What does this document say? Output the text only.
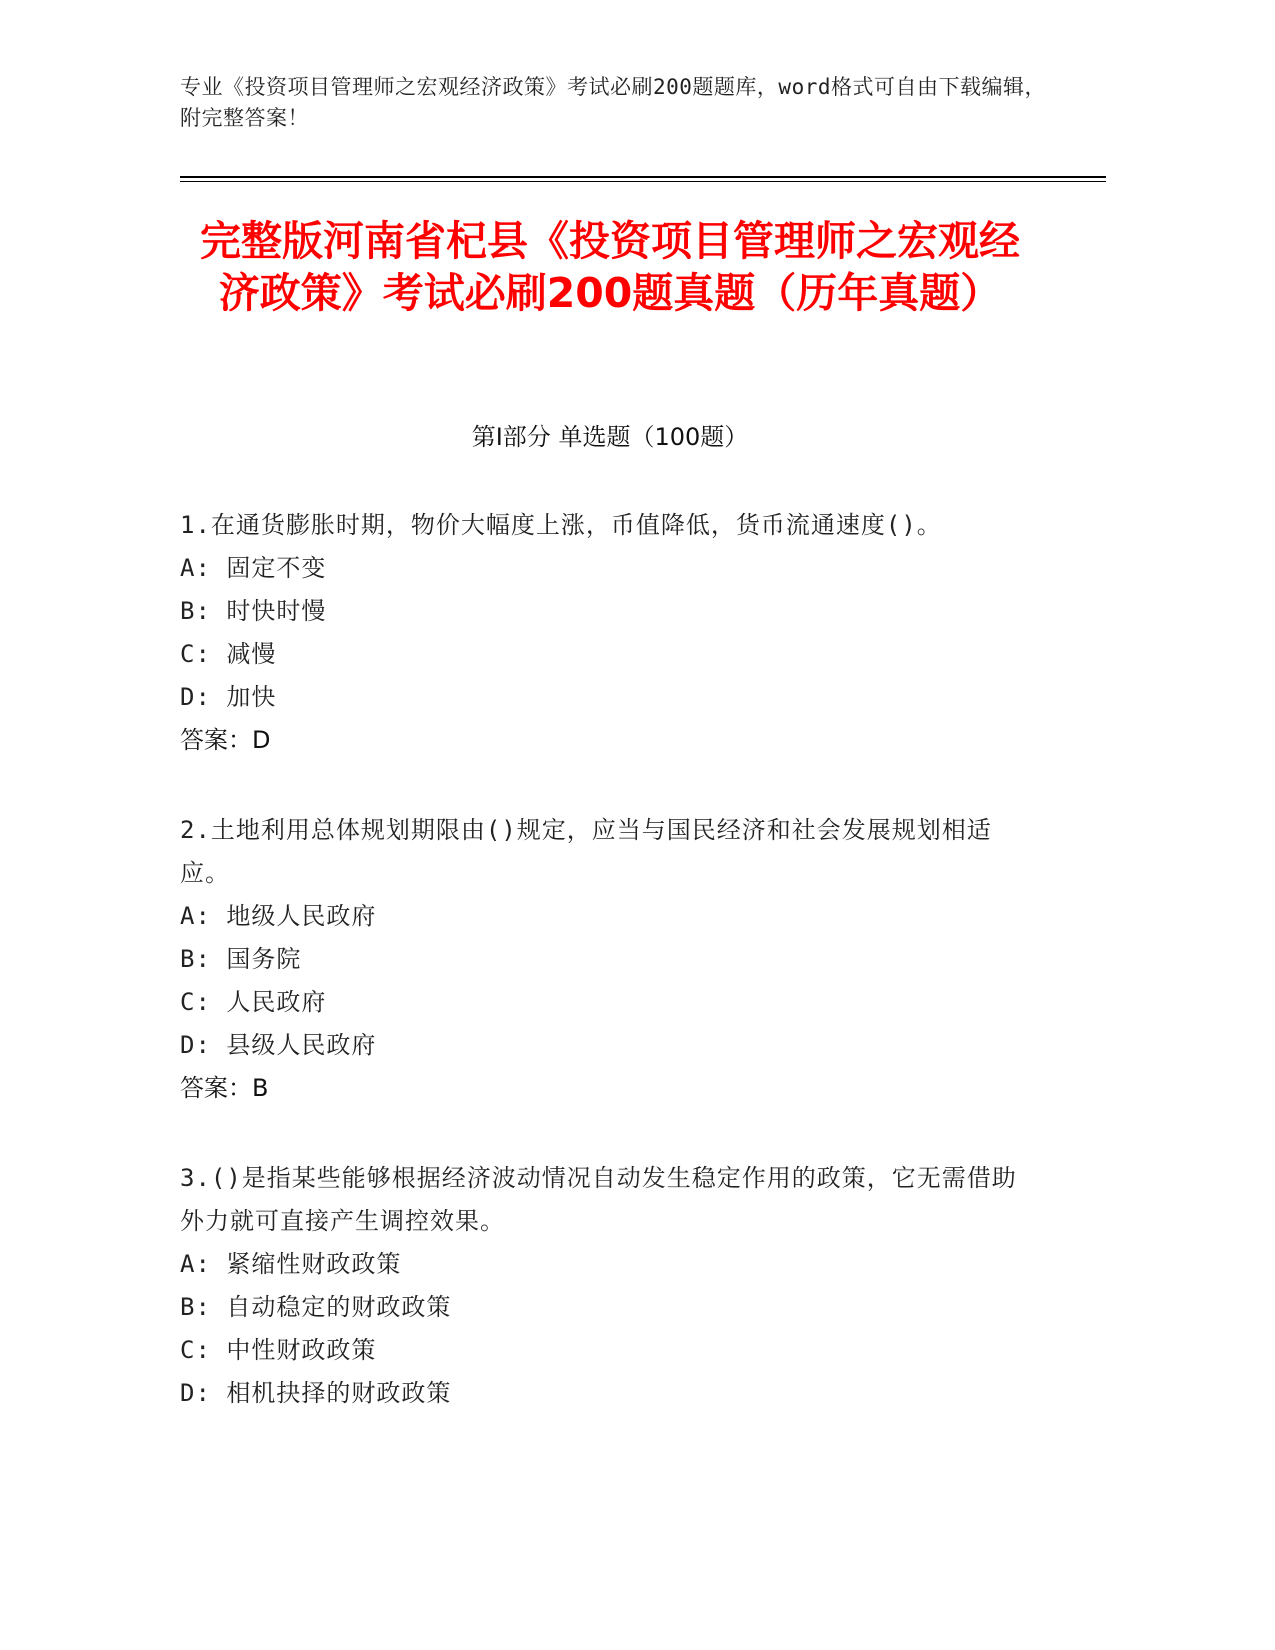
专业《投资项目管理师之宏观经济政策》考试必刷200题题库，word格式可自由下载编辑，附完整答案！
完整版河南省杞县《投资项目管理师之宏观经济政策》考试必刷200题真题（历年真题）
第I部分 单选题（100题）

1.在通货膨胀时期，物价大幅度上涨，币值降低，货币流通速度()。

A: 固定不变

B: 时快时慢

C: 减慢

D: 加快

答案：D

2.土地利用总体规划期限由()规定，应当与国民经济和社会发展规划相适应。

A: 地级人民政府

B: 国务院

C: 人民政府

D: 县级人民政府

答案：B

3.()是指某些能够根据经济波动情况自动发生稳定作用的政策，它无需借助外力就可直接产生调控效果。

A: 紧缩性财政政策

B: 自动稳定的财政政策

C: 中性财政政策

D: 相机抉择的财政政策
